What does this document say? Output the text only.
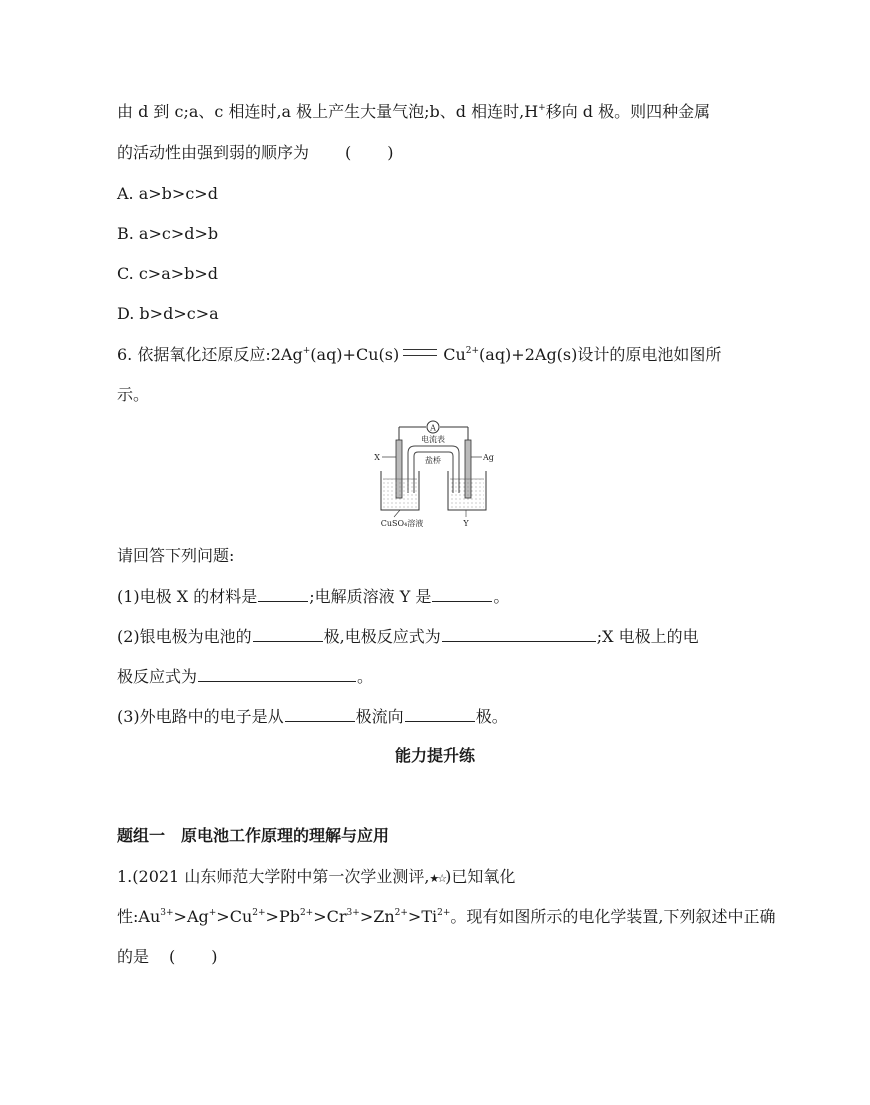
由 d 到 c;a、c 相连时,a 极上产生大量气泡;b、d 相连时,H+移向 d 极。则四种金属
的活动性由强到弱的顺序为 ( )
A. a>b>c>d
B. a>c>d>b
C. c>a>b>d
D. b>d>c>a
6. 依据氧化还原反应:2Ag+(aq)+Cu(s)	$Cu^{2+}(aq)+2Ag(s)$设计的原电池如图所
示。
A
电流表
盐桥
X	Ag
CuSO₄溶液	Y
请回答下列问题:
(1)电极 X 的材料是	;电解质溶液 Y 是	。
(2)银电极为电池的	极,电极反应式为	;X 电极上的电
极反应式为	。
(3)外电路中的电子是从	极流向	极。
能力提升练
题组一　原电池工作原理的理解与应用
1.(2021 山东师范大学附中第一次学业测评,★☆)已知氧化
性$:Au^{3+}>Ag^+>Cu^{2+}>Pb^{2+}>Cr^{3+}>Zn^{2+}>Ti^{2+}$。现有如图所示的电化学装置,下列叙述中正确
的是 ( )
